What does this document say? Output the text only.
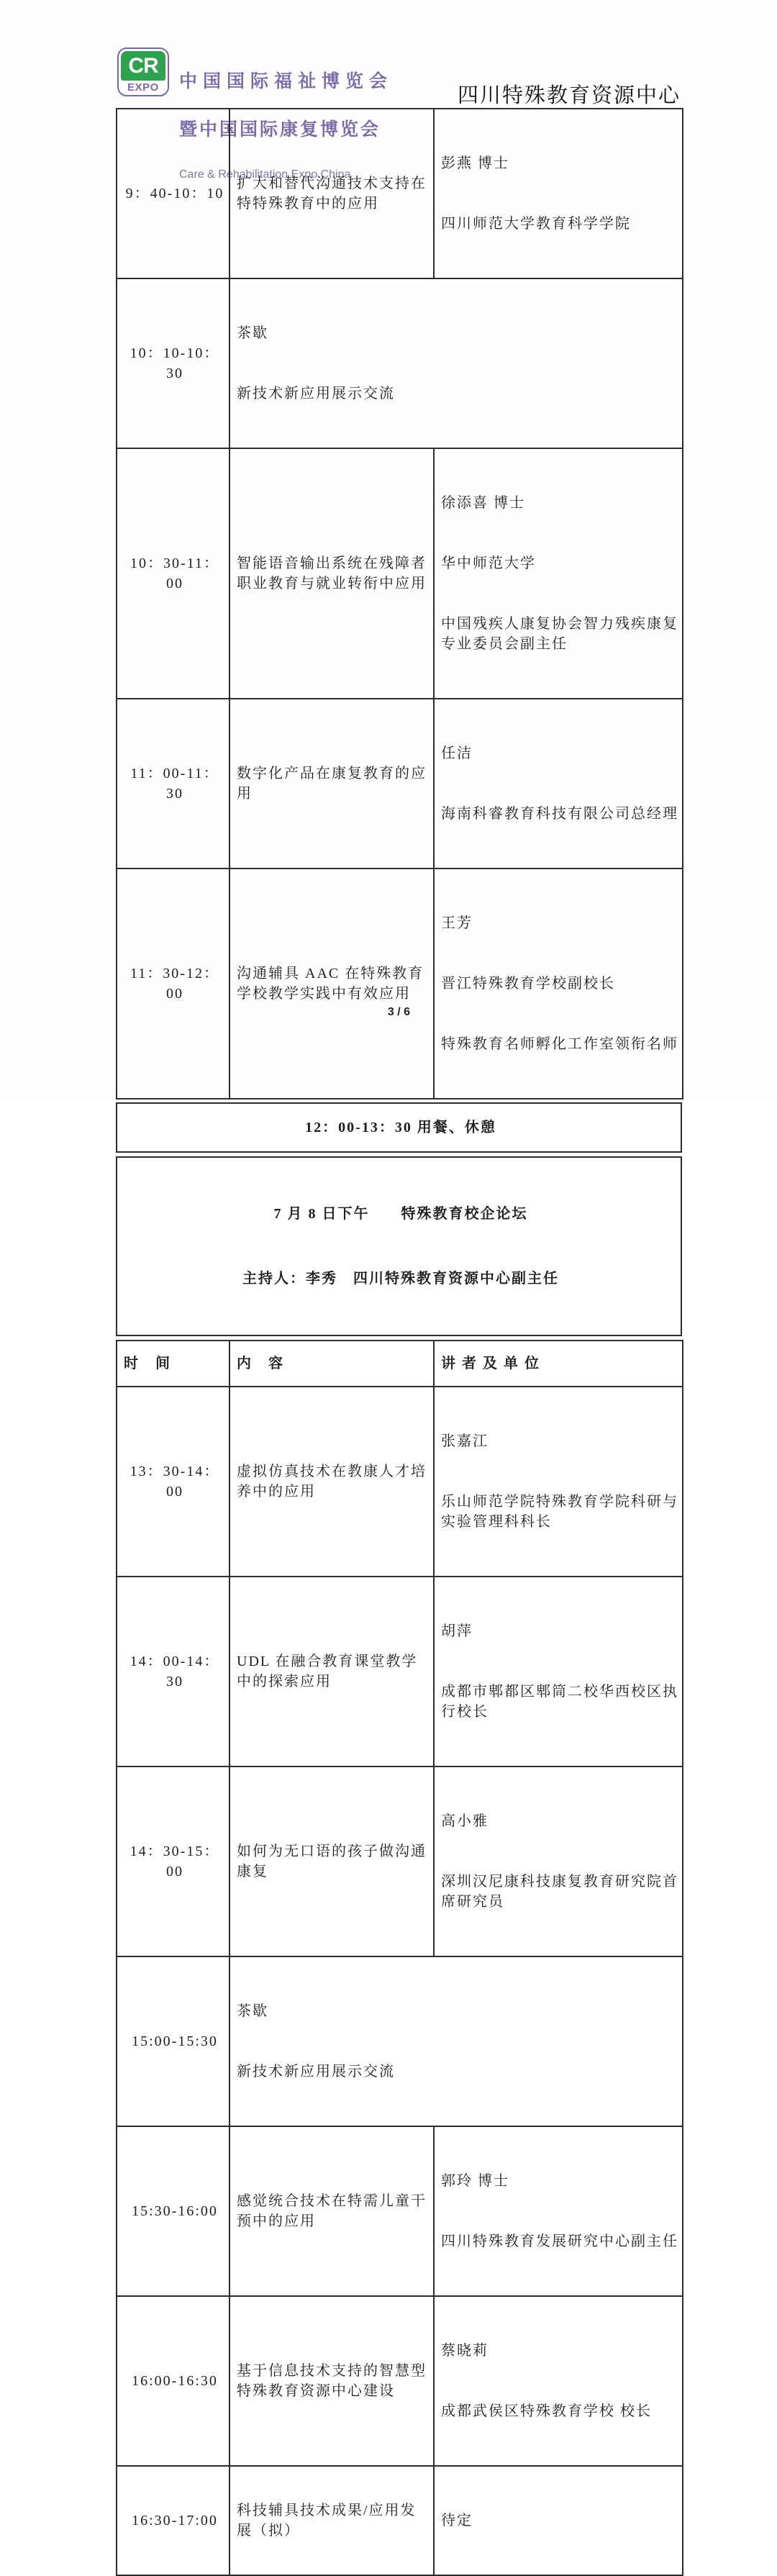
CR
EXPO

	中国国际福祉博览会

暨中国国际康复博览会

Care & Rehabilitation Expo China

四川特殊教育资源中心
9：40-10：10	扩大和替代沟通技术支持在特特殊教育中的应用	彭燕 博士

四川师范大学教育科学学院

10：10-10：30	茶歇

新技术新应用展示交流	

10：30-11：00	智能语音输出系统在残障者职业教育与就业转衔中应用	徐添喜 博士

华中师范大学

中国残疾人康复协会智力残疾康复专业委员会副主任

11：00-11：30	数字化产品在康复教育的应用	任洁

海南科睿教育科技有限公司总经理

11：30-12：00	沟通辅具 AAC 在特殊教育学校教学实践中有效应用	王芳

晋江特殊教育学校副校长

特殊教育名师孵化工作室领衔名师

12：00-13：30 用餐、休憩

7 月 8 日下午　　特殊教育校企论坛

主持人：李秀　四川特殊教育资源中心副主任

时　间	内　容	讲 者 及 单 位
13：30-14：00	虚拟仿真技术在教康人才培养中的应用	张嘉江

乐山师范学院特殊教育学院科研与实验管理科科长

14：00-14：30	UDL 在融合教育课堂教学中的探索应用	胡萍

成都市郫都区郫筒二校华西校区执行校长

14：30-15：00	如何为无口语的孩子做沟通康复	高小雅

深圳汉尼康科技康复教育研究院首席研究员

15:00-15:30	茶歇

新技术新应用展示交流	

15:30-16:00	感觉统合技术在特需儿童干预中的应用	郭玲 博士

四川特殊教育发展研究中心副主任

16:00-16:30	基于信息技术支持的智慧型特殊教育资源中心建设	蔡晓莉

成都武侯区特殊教育学校 校长

16:30-17:00	科技辅具技术成果/应用发展（拟）	待定

3 / 6
